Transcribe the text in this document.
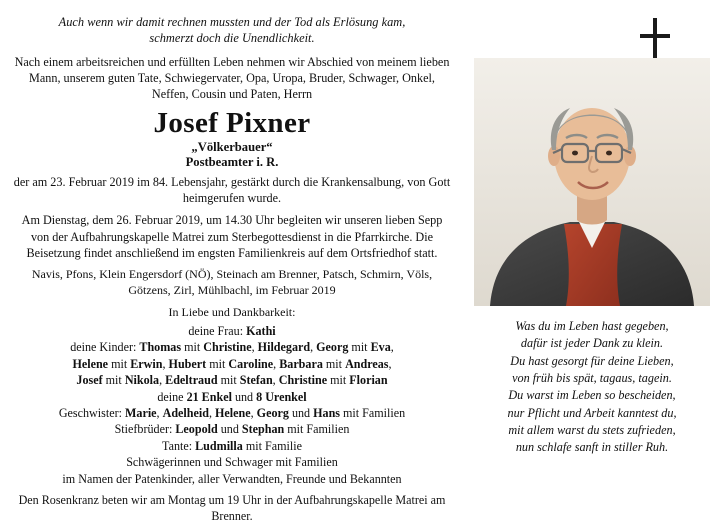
Auch wenn wir damit rechnen mussten und der Tod als Erlösung kam,
schmerzt doch die Unendlichkeit.
Nach einem arbeitsreichen und erfüllten Leben nehmen wir Abschied von meinem lieben Mann, unserem guten Tate, Schwiegervater, Opa, Uropa, Bruder, Schwager, Onkel, Neffen, Cousin und Paten, Herrn
Josef Pixner
„Völkerbauer“
Postbeamter i. R.
der am 23. Februar 2019 im 84. Lebensjahr, gestärkt durch die Krankensalbung, von Gott heimgerufen wurde.
Am Dienstag, dem 26. Februar 2019, um 14.30 Uhr begleiten wir unseren lieben Sepp von der Aufbahrungskapelle Matrei zum Sterbegottesdienst in die Pfarrkirche. Die Beisetzung findet anschließend im engsten Familienkreis auf dem Ortsfriedhof statt.
Navis, Pfons, Klein Engersdorf (NÖ), Steinach am Brenner, Patsch, Schmirn, Völs, Götzens, Zirl, Mühlbachl, im Februar 2019
In Liebe und Dankbarkeit:
deine Frau: Kathi
deine Kinder: Thomas mit Christine, Hildegard, Georg mit Eva,
Helene mit Erwin, Hubert mit Caroline, Barbara mit Andreas,
Josef mit Nikola, Edeltraud mit Stefan, Christine mit Florian
deine 21 Enkel und 8 Urenkel
Geschwister: Marie, Adelheid, Helene, Georg und Hans mit Familien
Stiefbrüder: Leopold und Stephan mit Familien
Tante: Ludmilla mit Familie
Schwägerinnen und Schwager mit Familien
im Namen der Patenkinder, aller Verwandten, Freunde und Bekannten
Den Rosenkranz beten wir am Montag um 19 Uhr in der Aufbahrungskapelle Matrei am Brenner.
Was du im Leben hast gegeben,
dafür ist jeder Dank zu klein.
Du hast gesorgt für deine Lieben,
von früh bis spät, tagaus, tagein.
Du warst im Leben so bescheiden,
nur Pflicht und Arbeit kanntest du,
mit allem warst du stets zufrieden,
nun schlafe sanft in stiller Ruh.
